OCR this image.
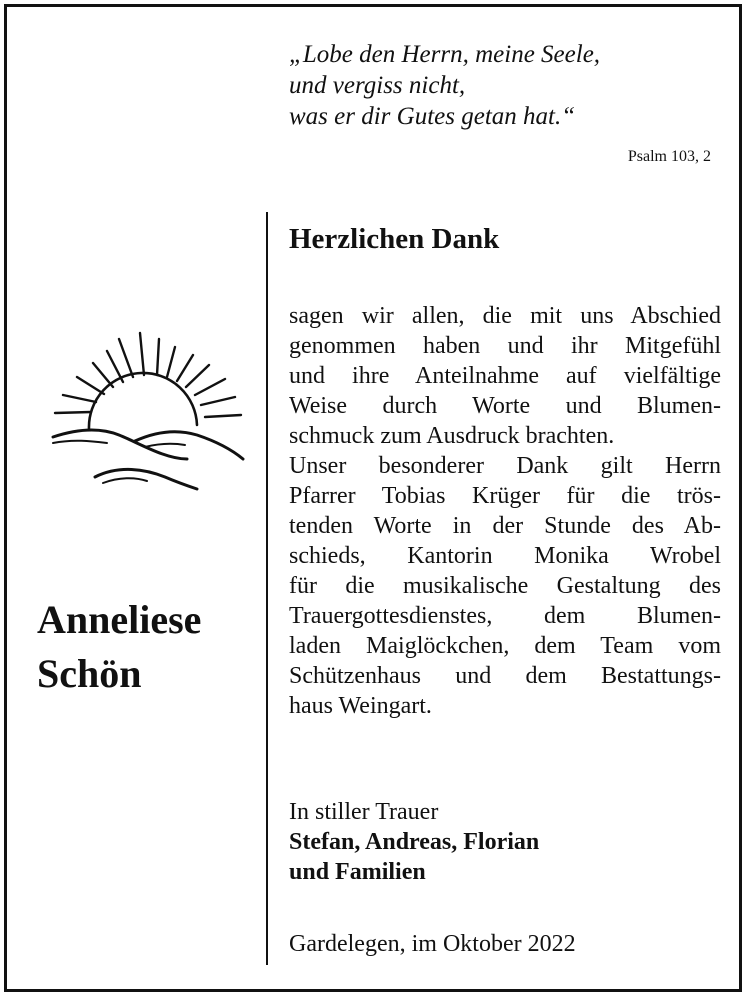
„Lobe den Herrn, meine Seele,
und vergiss nicht,
was er dir Gutes getan hat.“
Psalm 103, 2
Anneliese
Schön
Herzlichen Dank
sagen wir allen, die mit uns Abschied
genommen haben und ihr Mitgefühl
und ihre Anteilnahme auf vielfältige
Weise durch Worte und Blumen-
schmuck zum Ausdruck brachten.
Unser besonderer Dank gilt Herrn
Pfarrer Tobias Krüger für die trös-
tenden Worte in der Stunde des Ab-
schieds, Kantorin Monika Wrobel
für die musikalische Gestaltung des
Trauergottesdienstes, dem Blumen-
laden Maiglöckchen, dem Team vom
Schützenhaus und dem Bestattungs-
haus Weingart.
In stiller Trauer
Stefan, Andreas, Florian
und Familien
Gardelegen, im Oktober 2022
